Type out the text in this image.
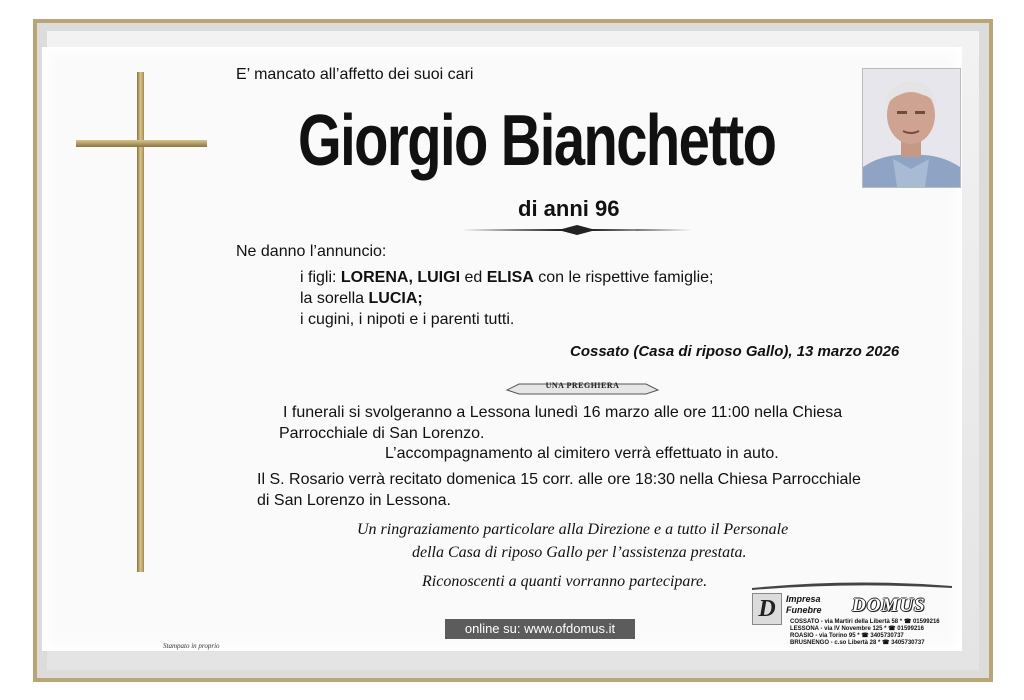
E’ mancato all’affetto dei suoi cari
Giorgio Bianchetto
di anni 96
Ne danno l’annuncio:
i figli: LORENA, LUIGI ed ELISA con le rispettive famiglie;
la sorella LUCIA;
i cugini, i nipoti e i parenti tutti.
Cossato (Casa di riposo Gallo), 13 marzo 2026
UNA PREGHIERA
I funerali si svolgeranno a Lessona lunedì 16 marzo alle ore 11:00 nella Chiesa
Parrocchiale di San Lorenzo.
L’accompagnamento al cimitero verrà effettuato in auto.
Il S. Rosario verrà recitato domenica 15 corr. alle ore 18:30 nella Chiesa Parrocchiale
di San Lorenzo in Lessona.
Un ringraziamento particolare alla Direzione e a tutto il Personale
della Casa di riposo Gallo per l’assistenza prestata.
Riconoscenti a quanti vorranno partecipare.
Stampato in proprio
online su: www.ofdomus.it
D	Impresa
Funebre DOMUS
COSSATO - via Martiri della Libertà 58 * ☎ 01599216
LESSONA - via IV Novembre 125 * ☎ 01599216
ROASIO - via Torino 95 * ☎ 3405730737
BRUSNENGO - c.so Libertà 28 * ☎ 3405730737
